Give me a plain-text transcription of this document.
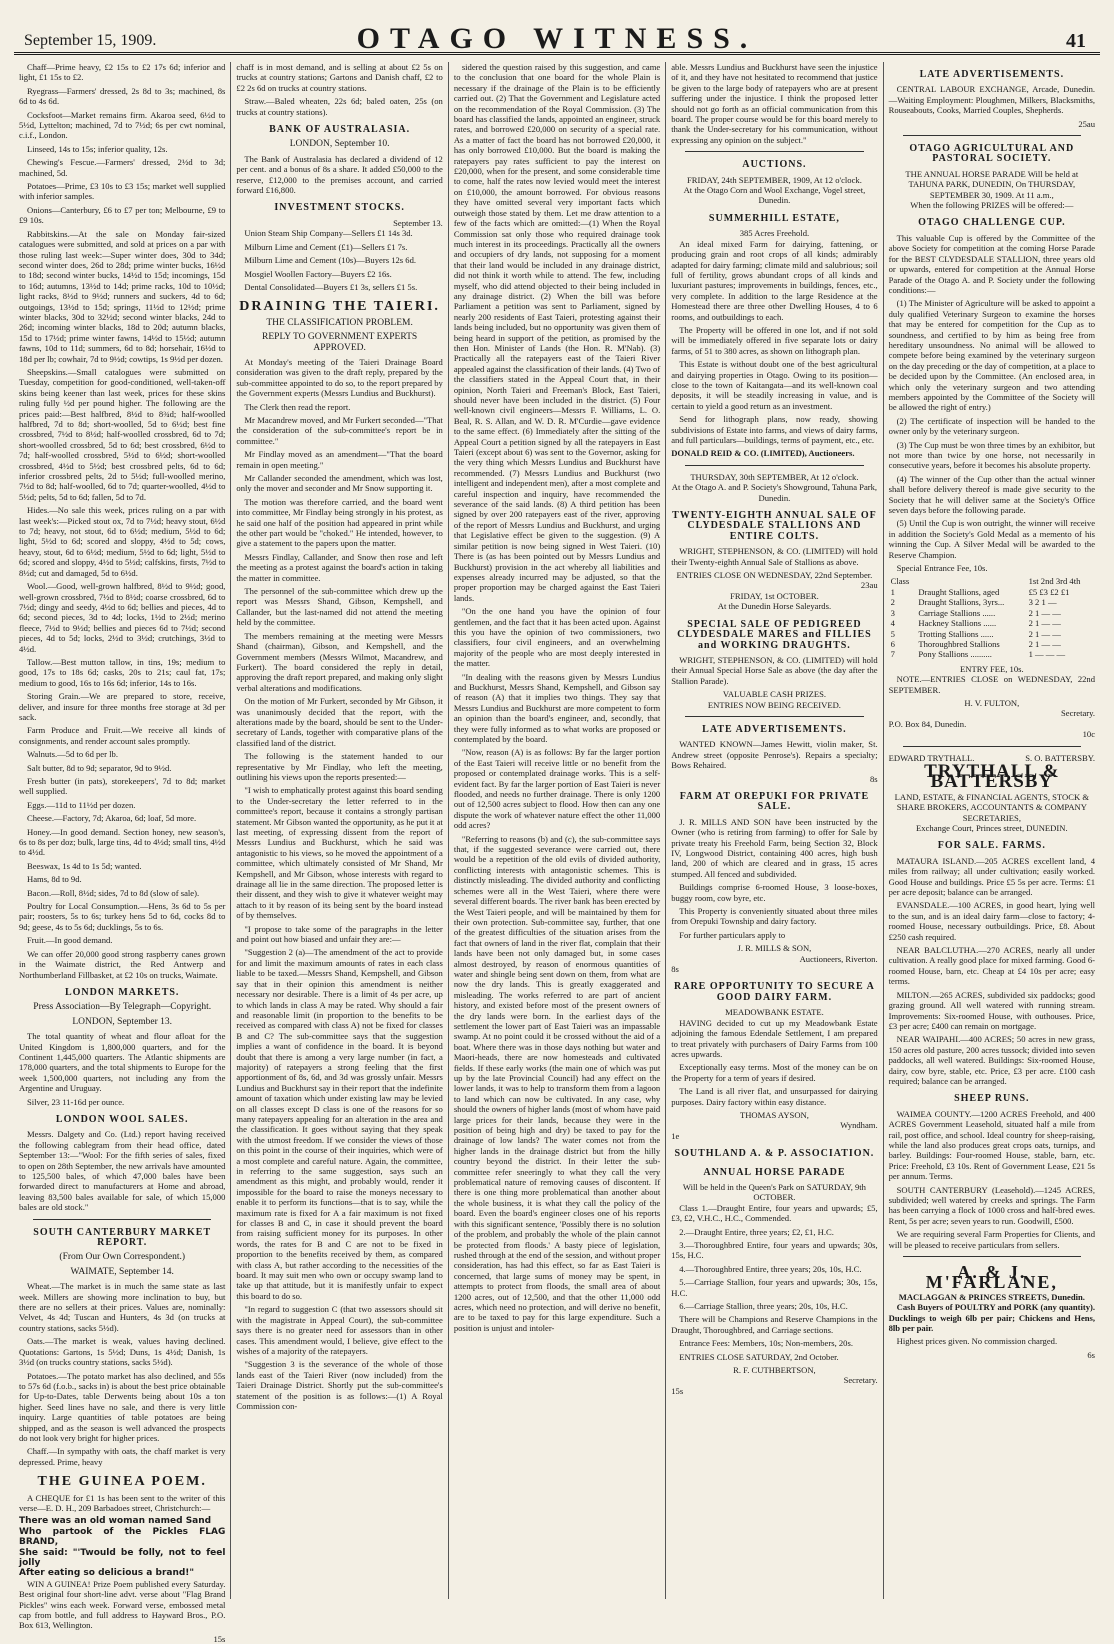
September 15, 1909.	OTAGO WITNESS.	41

Chaff—Prime heavy, £2 15s to £2 17s 6d; inferior and light, £1 15s to £2.

Ryegrass—Farmers' dressed, 2s 8d to 3s; machined, 8s 6d to 4s 6d.

Cocksfoot—Market remains firm. Akaroa seed, 6½d to 5½d, Lyttelton; machined, 7d to 7½d; 6s per cwt nominal, c.i.f., London.

Linseed, 14s to 15s; inferior quality, 12s.

Chewing's Fescue.—Farmers' dressed, 2½d to 3d; machined, 5d.

Potatoes—Prime, £3 10s to £3 15s; market well supplied with inferior samples.

Onions—Canterbury, £6 to £7 per ton; Melbourne, £9 to £9 10s.

Rabbitskins.—At the sale on Monday fair-sized catalogues were submitted, and sold at prices on a par with those ruling last week:—Super winter does, 30d to 34d; second winter does, 26d to 28d; prime winter bucks, 16½d to 18d; second winter bucks, 14½d to 15d; incomings, 15d to 16d; autumns, 13½d to 14d; prime racks, 10d to 10½d; light racks, 8½d to 9½d; runners and suckers, 4d to 6d; outgoings, 13½d to 15d; springs, 11½d to 12½d; prime winter blacks, 30d to 32½d; second winter blacks, 24d to 26d; incoming winter blacks, 18d to 20d; autumn blacks, 15d to 17½d; prime winter fawns, 14½d to 15½d; autumn fawns, 10d to 11d; summers, 6d to 8d; horsehair, 16½d to 18d per lb; cowhair, 7d to 9½d; cowtips, 1s 9½d per dozen.

Sheepskins.—Small catalogues were submitted on Tuesday, competition for good-conditioned, well-taken-off skins being keener than last week, prices for these skins ruling fully ½d per pound higher. The following are the prices paid:—Best halfbred, 8½d to 8¾d; half-woolled halfbred, 7d to 8d; short-woolled, 5d to 6½d; best fine crossbred, 7½d to 8½d; half-woolled crossbred, 6d to 7d; short-woolled crossbred, 5d to 6d; best crossbred, 6½d to 7d; half-woolled crossbred, 5½d to 6½d; short-woolled crossbred, 4½d to 5½d; best crossbred pelts, 6d to 6d; inferior crossbred pelts, 2d to 5½d; full-woolled merino, 7½d to 8d; half-woolled, 6d to 7d; quarter-woolled, 4½d to 5½d; pelts, 5d to 6d; fallen, 5d to 7d.

Hides.—No sale this week, prices ruling on a par with last week's:—Picked stout ox, 7d to 7½d; heavy stout, 6½d to 7d; heavy, not stout, 6d to 6½d; medium, 5½d to 6d; light, 5½d to 6d; scored and sloppy, 4½d to 5d; cows, heavy, stout, 6d to 6½d; medium, 5½d to 6d; light, 5½d to 6d; scored and sloppy, 4½d to 5½d; calfskins, firsts, 7½d to 8½d; cut and damaged, 5d to 6½d.

Wool.—Good, well-grown halfbred, 8½d to 9½d; good, well-grown crossbred, 7½d to 8½d; coarse crossbred, 6d to 7½d; dingy and seedy, 4½d to 6d; bellies and pieces, 4d to 6d; second pieces, 3d to 4d; locks, 1½d to 2½d; merino fleece, 7½d to 9½d; bellies and pieces 6d to 7½d; second pieces, 4d to 5d; locks, 2½d to 3½d; crutchings, 3½d to 4½d.

Tallow.—Best mutton tallow, in tins, 19s; medium to good, 17s to 18s 6d; casks, 20s to 21s; caul fat, 17s; medium to good, 16s to 16s 6d; inferior, 14s to 16s.

Storing Grain.—We are prepared to store, receive, deliver, and insure for three months free storage at 3d per sack.

Farm Produce and Fruit.—We receive all kinds of consignments, and render account sales promptly.

Walnuts.—5d to 6d per lb.

Salt butter, 8d to 9d; separator, 9d to 9½d.

Fresh butter (in pats), storekeepers', 7d to 8d; market well supplied.

Eggs.—11d to 11½d per dozen.

Cheese.—Factory, 7d; Akaroa, 6d; loaf, 5d more.

Honey.—In good demand. Section honey, new season's, 6s to 8s per doz; bulk, large tins, 4d to 4½d; small tins, 4½d to 4½d.

Beeswax, 1s 4d to 1s 5d; wanted.

Hams, 8d to 9d.

Bacon.—Roll, 8½d; sides, 7d to 8d (slow of sale).

Poultry for Local Consumption.—Hens, 3s 6d to 5s per pair; roosters, 5s to 6s; turkey hens 5d to 6d, cocks 8d to 9d; geese, 4s to 5s 6d; ducklings, 5s to 6s.

Fruit.—In good demand.

We can offer 20,000 good strong raspberry canes grown in the Waimate district, the Red Antwerp and Northumberland Fillbasket, at £2 10s on trucks, Waimate.

LONDON MARKETS.
Press Association—By Telegraph—Copyright.
LONDON, September 13.

The total quantity of wheat and flour afloat for the United Kingdom is 1,800,000 quarters, and for the Continent 1,445,000 quarters. The Atlantic shipments are 178,000 quarters, and the total shipments to Europe for the week 1,500,000 quarters, not including any from the Argentine and Uruguay.

Silver, 23 11-16d per ounce.

LONDON WOOL SALES.

Messrs. Dalgety and Co. (Ltd.) report having received the following cablegram from their head office, dated September 13:—"Wool: For the fifth series of sales, fixed to open on 28th September, the new arrivals have amounted to 125,500 bales, of which 47,000 bales have been forwarded direct to manufacturers at Home and abroad, leaving 83,500 bales available for sale, of which 15,000 bales are old stock."

SOUTH CANTERBURY MARKET REPORT.
(From Our Own Correspondent.)
WAIMATE, September 14.

Wheat.—The market is in much the same state as last week. Millers are showing more inclination to buy, but there are no sellers at their prices. Values are, nominally: Velvet, 4s 4d; Tuscan and Hunters, 4s 3d (on trucks at country stations, sacks 5½d).

Oats.—The market is weak, values having declined. Quotations: Gartons, 1s 5½d; Duns, 1s 4½d; Danish, 1s 3½d (on trucks country stations, sacks 5½d).

Potatoes.—The potato market has also declined, and 55s to 57s 6d (f.o.b., sacks in) is about the best price obtainable for Up-to-Dates, table Derwents being about 10s a ton higher. Seed lines have no sale, and there is very little inquiry. Large quantities of table potatoes are being shipped, and as the season is well advanced the prospects do not look very bright for higher prices.

Chaff.—In sympathy with oats, the chaff market is very depressed. Prime, heavy

THE GUINEA POEM.

A CHEQUE for £1 1s has been sent to the writer of this verse—E. D. H., 209 Barbadoes street, Christchurch:—

There was an old woman named Sand
Who partook of the Pickles FLAG BRAND,
She said: "'Twould be folly, not to feel jolly
After eating so delicious a brand!"

WIN A GUINEA! Prize Poem published every Saturday. Best original four short-line advt. verse about "Flag Brand Pickles" wins each week. Forward verse, embossed metal cap from bottle, and full address to Hayward Bros., P.O. Box 613, Wellington.

15s

chaff is in most demand, and is selling at about £2 5s on trucks at country stations; Gartons and Danish chaff, £2 to £2 2s 6d on trucks at country stations.

Straw.—Baled wheaten, 22s 6d; baled oaten, 25s (on trucks at country stations).

BANK OF AUSTRALASIA.
LONDON, September 10.

The Bank of Australasia has declared a dividend of 12 per cent. and a bonus of 8s a share. It added £50,000 to the reserve, £12,000 to the premises account, and carried forward £16,800.

INVESTMENT STOCKS.
September 13.

Union Steam Ship Company—Sellers £1 14s 3d.

Milburn Lime and Cement (£1)—Sellers £1 7s.

Milburn Lime and Cement (10s)—Buyers 12s 6d.

Mosgiel Woollen Factory—Buyers £2 16s.

Dental Consolidated—Buyers £1 3s, sellers £1 5s.

DRAINING THE TAIERI.
THE CLASSIFICATION PROBLEM.
REPLY TO GOVERNMENT EXPERTS APPROVED.

At Monday's meeting of the Taieri Drainage Board consideration was given to the draft reply, prepared by the sub-committee appointed to do so, to the report prepared by the Government experts (Messrs Lundius and Buckhurst).

The Clerk then read the report.

Mr Macandrew moved, and Mr Furkert seconded—"That the consideration of the sub-committee's report be in committee."

Mr Findlay moved as an amendment—"That the board remain in open meeting."

Mr Callander seconded the amendment, which was lost, only the mover and seconder and Mr Snow supporting it.

The motion was therefore carried, and the board went into committee, Mr Findlay being strongly in his protest, as he said one half of the position had appeared in print while the other part would be "choked." He intended, however, to give a statement to the papers upon the matter.

Messrs Findlay, Callander, and Snow then rose and left the meeting as a protest against the board's action in taking the matter in committee.

The personnel of the sub-committee which drew up the report was Messrs Shand, Gibson, Kempshell, and Callander, but the last-named did not attend the meeting held by the committee.

The members remaining at the meeting were Messrs Shand (chairman), Gibson, and Kempshell, and the Government members (Messrs Wilmot, Macandrew, and Furkert). The board considered the reply in detail, approving the draft report prepared, and making only slight verbal alterations and modifications.

On the motion of Mr Furkert, seconded by Mr Gibson, it was unanimously decided that the report, with the alterations made by the board, should be sent to the Under-secretary of Lands, together with comparative plans of the classified land of the district.

The following is the statement handed to our representative by Mr Findlay, who left the meeting, outlining his views upon the reports presented:—

"I wish to emphatically protest against this board sending to the Under-secretary the letter referred to in the committee's report, because it contains a strongly partisan statement. Mr Gibson wanted the opportunity, as he put it at last meeting, of expressing dissent from the report of Messrs Lundius and Buckhurst, which he said was antagonistic to his views, so he moved the appointment of a committee, which ultimately consisted of Mr Shand, Mr Kempshell, and Mr Gibson, whose interests with regard to drainage all lie in the same direction. The proposed letter is their dissent, and they wish to give it whatever weight may attach to it by reason of its being sent by the board instead of by themselves.

"I propose to take some of the paragraphs in the letter and point out how biased and unfair they are:—

"Suggestion 2 (a)—The amendment of the act to provide for and limit the maximum amounts of rates in each class liable to be taxed.—Messrs Shand, Kempshell, and Gibson say that in their opinion this amendment is neither necessary nor desirable. There is a limit of 4s per acre, up to which lands in class A may be rated. Why should a fair and reasonable limit (in proportion to the benefits to be received as compared with class A) not be fixed for classes B and C? The sub-committee says that the suggestion implies a want of confidence in the board. It is beyond doubt that there is among a very large number (in fact, a majority) of ratepayers a strong feeling that the first apportionment of 8s, 6d, and 3d was grossly unfair. Messrs Lundius and Buckhurst say in their report that the indefinite amount of taxation which under existing law may be levied on all classes except D class is one of the reasons for so many ratepayers appealing for an alteration in the area and the classification. It goes without saying that they speak with the utmost freedom. If we consider the views of those on this point in the course of their inquiries, which were of a most complete and careful nature. Again, the committee, in referring to the same suggestion, says such an amendment as this might, and probably would, render it impossible for the board to raise the moneys necessary to enable it to perform its functions—that is to say, while the maximum rate is fixed for A a fair maximum is not fixed for classes B and C, in case it should prevent the board from raising sufficient money for its purposes. In other words, the rates for B and C are not to be fixed in proportion to the benefits received by them, as compared with class A, but rather according to the necessities of the board. It may suit men who own or occupy swamp land to take up that attitude, but it is manifestly unfair to expect this board to do so.

"In regard to suggestion C (that two assessors should sit with the magistrate in Appeal Court), the sub-committee says there is no greater need for assessors than in other cases. This amendment would, I believe, give effect to the wishes of a majority of the ratepayers.

"Suggestion 3 is the severance of the whole of those lands east of the Taieri River (now included) from the Taieri Drainage District. Shortly put the sub-committee's statement of the position is as follows:—(1) A Royal Commission con-

sidered the question raised by this suggestion, and came to the conclusion that one board for the whole Plain is necessary if the drainage of the Plain is to be efficiently carried out. (2) That the Government and Legislature acted on the recommendation of the Royal Commission. (3) The board has classified the lands, appointed an engineer, struck rates, and borrowed £20,000 on security of a special rate. As a matter of fact the board has not borrowed £20,000, it has only borrowed £10,000. But the board is making the ratepayers pay rates sufficient to pay the interest on £20,000, when for the present, and some considerable time to come, half the rates now levied would meet the interest on £10,000, the amount borrowed. For obvious reasons they have omitted several very important facts which outweigh those stated by them. Let me draw attention to a few of the facts which are omitted:—(1) When the Royal Commission sat only those who required drainage took much interest in its proceedings. Practically all the owners and occupiers of dry lands, not supposing for a moment that their land would be included in any drainage district, did not think it worth while to attend. The few, including myself, who did attend objected to their being included in any drainage district. (2) When the bill was before Parliament a petition was sent to Parliament, signed by nearly 200 residents of East Taieri, protesting against their lands being included, but no opportunity was given them of being heard in support of the petition, as promised by the then Hon. Minister of Lands (the Hon. R. M'Nab). (3) Practically all the ratepayers east of the Taieri River appealed against the classification of their lands. (4) Two of the classifiers stated in the Appeal Court that, in their opinion, North Taieri and Freeman's Block, East Taieri, should never have been included in the district. (5) Four well-known civil engineers—Messrs F. Williams, L. O. Beal, R. S. Allan, and W. D. R. M'Curdie—gave evidence to the same effect. (6) Immediately after the sitting of the Appeal Court a petition signed by all the ratepayers in East Taieri (except about 6) was sent to the Governor, asking for the very thing which Messrs Lundius and Buckhurst have recommended. (7) Messrs Lundius and Buckhurst (two intelligent and independent men), after a most complete and careful inspection and inquiry, have recommended the severance of the said lands. (8) A third petition has been signed by over 200 ratepayers east of the river, approving of the report of Messrs Lundius and Buckhurst, and urging that Legislative effect be given to the suggestion. (9) A similar petition is now being signed in West Taieri. (10) There is (as has been pointed out by Messrs Lundius and Buckhurst) provision in the act whereby all liabilities and expenses already incurred may be adjusted, so that the proper proportion may be charged against the East Taieri lands.

"On the one hand you have the opinion of four gentlemen, and the fact that it has been acted upon. Against this you have the opinion of two commissioners, two classifiers, four civil engineers, and an overwhelming majority of the people who are most deeply interested in the matter.

"In dealing with the reasons given by Messrs Lundius and Buckhurst, Messrs Shand, Kempshell, and Gibson say of reason (A) that it implies two things. They say that Messrs Lundius and Buckhurst are more competent to form an opinion than the board's engineer, and, secondly, that they were fully informed as to what works are proposed or contemplated by the board.

"Now, reason (A) is as follows: By far the larger portion of the East Taieri will receive little or no benefit from the proposed or contemplated drainage works. This is a self-evident fact. By far the larger portion of East Taieri is never flooded, and needs no further drainage. There is only 1200 out of 12,500 acres subject to flood. How then can any one dispute the work of whatever nature effect the other 11,000 odd acres?

"Referring to reasons (b) and (c), the sub-committee says that, if the suggested severance were carried out, there would be a repetition of the old evils of divided authority, conflicting interests with antagonistic schemes. This is distinctly misleading. The divided authority and conflicting schemes were all in the West Taieri, where there were several different boards. The river bank has been erected by the West Taieri people, and will be maintained by them for their own protection. Sub-committee say, further, that one of the greatest difficulties of the situation arises from the fact that owners of land in the river flat, complain that their lands have been not only damaged but, in some cases almost destroyed, by reason of enormous quantities of water and shingle being sent down on them, from what are now the dry lands. This is greatly exaggerated and misleading. The works referred to are part of ancient history, and existed before most of the present owners of the dry lands were born. In the earliest days of the settlement the lower part of East Taieri was an impassable swamp. At no point could it be crossed without the aid of a boat. Where there was in those days nothing but water and Maori-heads, there are now homesteads and cultivated fields. If these early works (the main one of which was put up by the late Provincial Council) had any effect on the lower lands, it was to help to transform them from a lagoon to land which can now be cultivated. In any case, why should the owners of higher lands (most of whom have paid large prices for their lands, because they were in the position of being high and dry) be taxed to pay for the drainage of low lands? The water comes not from the higher lands in the drainage district but from the hilly country beyond the district. In their letter the sub-committee refer sneeringly to what they call the very problematical nature of removing causes of discontent. If there is one thing more problematical than another about the whole business, it is what they call the policy of the board. Even the board's engineer closes one of his reports with this significant sentence, 'Possibly there is no solution of the problem, and probably the whole of the plain cannot be protected from floods.' A basty piece of legislation, rushed through at the end of the session, and without proper consideration, has had this effect, so far as East Taieri is concerned, that large sums of money may be spent, in attempts to protect from floods, the small area of about 1200 acres, out of 12,500, and that the other 11,000 odd acres, which need no protection, and will derive no benefit, are to be taxed to pay for this large expenditure. Such a position is unjust and intoler-

able. Messrs Lundius and Buckhurst have seen the injustice of it, and they have not hesitated to recommend that justice be given to the large body of ratepayers who are at present suffering under the injustice. I think the proposed letter should not go forth as an official communication from this board. The proper course would be for this board merely to thank the Under-secretary for his communication, without expressing any opinion on the subject."

AUCTIONS.
FRIDAY, 24th SEPTEMBER, 1909, At 12 o'clock.
At the Otago Corn and Wool Exchange, Vogel street, Dunedin.
SUMMERHILL ESTATE,
385 Acres Freehold.

An ideal mixed Farm for dairying, fattening, or producing grain and root crops of all kinds; admirably adapted for dairy farming; climate mild and salubrious; soil full of fertility, grows abundant crops of all kinds and luxuriant pastures; improvements in buildings, fences, etc., very complete. In addition to the large Residence at the Homestead there are three other Dwelling Houses, 4 to 6 rooms, and outbuildings to each.

The Property will be offered in one lot, and if not sold will be immediately offered in five separate lots or dairy farms, of 51 to 380 acres, as shown on lithograph plan.

This Estate is without doubt one of the best agricultural and dairying properties in Otago. Owing to its position—close to the town of Kaitangata—and its well-known coal deposits, it will be steadily increasing in value, and is certain to yield a good return as an investment.

Send for lithograph plans, now ready, showing subdivisions of Estate into farms, and views of dairy farms, and full particulars—buildings, terms of payment, etc., etc.

DONALD REID & CO. (LIMITED), Auctioneers.
THURSDAY, 30th SEPTEMBER, At 12 o'clock.
At the Otago A. and P. Society's Showground, Tahuna Park, Dunedin.
TWENTY-EIGHTH ANNUAL SALE OF CLYDESDALE STALLIONS AND ENTIRE COLTS.

WRIGHT, STEPHENSON, & CO. (LIMITED) will hold their Twenty-eighth Annual Sale of Stallions as above.

ENTRIES CLOSE ON WEDNESDAY, 22nd September.
23au
FRIDAY, 1st OCTOBER.
At the Dunedin Horse Saleyards.
SPECIAL SALE OF PEDIGREED CLYDESDALE MARES and FILLIES and WORKING DRAUGHTS.

WRIGHT, STEPHENSON, & CO. (LIMITED) will hold their Annual Special Horse Sale as above (the day after the Stallion Parade).

VALUABLE CASH PRIZES.
ENTRIES NOW BEING RECEIVED.
LATE ADVERTISEMENTS.

WANTED KNOWN—James Hewitt, violin maker, St. Andrew street (opposite Penrose's). Repairs a specialty; Bows Rehaired.

8s
FARM AT OREPUKI FOR PRIVATE SALE.

J. R. MILLS AND SON have been instructed by the Owner (who is retiring from farming) to offer for Sale by private treaty his Freehold Farm, being Section 32, Block IV, Longwood District, containing 400 acres, high bush land, 200 of which are cleared and in grass, 15 acres stumped. All fenced and subdivided.

Buildings comprise 6-roomed House, 3 loose-boxes, buggy room, cow byre, etc.

This Property is conveniently situated about three miles from Orepuki Township and dairy factory.

For further particulars apply to

J. R. MILLS & SON,
Auctioneers, Riverton.
8s
RARE OPPORTUNITY TO SECURE A GOOD DAIRY FARM.
MEADOWBANK ESTATE.

HAVING decided to cut up my Meadowbank Estate adjoining the famous Edendale Settlement, I am prepared to treat privately with purchasers of Dairy Farms from 100 acres upwards.

Exceptionally easy terms. Most of the money can be on the Property for a term of years if desired.

The Land is all river flat, and unsurpassed for dairying purposes. Dairy factory within easy distance.

THOMAS AYSON,
Wyndham.
1e
SOUTHLAND A. & P. ASSOCIATION.
ANNUAL HORSE PARADE
Will be held in the Queen's Park on SATURDAY, 9th OCTOBER.

Class 1.—Draught Entire, four years and upwards; £5, £3, £2, V.H.C., H.C., Commended.

2.—Draught Entire, three years; £2, £1, H.C.

3.—Thoroughbred Entire, four years and upwards; 30s, 15s, H.C.

4.—Thoroughbred Entire, three years; 20s, 10s, H.C.

5.—Carriage Stallion, four years and upwards; 30s, 15s, H.C.

6.—Carriage Stallion, three years; 20s, 10s, H.C.

There will be Champions and Reserve Champions in the Draught, Thoroughbred, and Carriage sections.

Entrance Fees: Members, 10s; Non-members, 20s.

ENTRIES CLOSE SATURDAY, 2nd October.

R. F. CUTHBERTSON,
Secretary.
15s
LATE ADVERTISEMENTS.

CENTRAL LABOUR EXCHANGE, Arcade, Dunedin.—Waiting Employment: Ploughmen, Milkers, Blacksmiths, Rouseabouts, Cooks, Married Couples, Shepherds.

25au
OTAGO AGRICULTURAL AND PASTORAL SOCIETY.
THE ANNUAL HORSE PARADE Will be held at TAHUNA PARK, DUNEDIN, On THURSDAY, SEPTEMBER 30, 1909. At 11 a.m.,
When the following PRIZES will be offered:—
OTAGO CHALLENGE CUP.

This valuable Cup is offered by the Committee of the above Society for competition at the coming Horse Parade for the BEST CLYDESDALE STALLION, three years old or upwards, entered for competition at the Annual Horse Parade of the Otago A. and P. Society under the following conditions:—

(1) The Minister of Agriculture will be asked to appoint a duly qualified Veterinary Surgeon to examine the horses that may be entered for competition for the Cup as to soundness, and certified to by him as being free from hereditary unsoundness. No animal will be allowed to compete before being examined by the veterinary surgeon on the day preceding or the day of competition, at a place to be decided upon by the Committee. (An enclosed area, in which only the veterinary surgeon and two attending members appointed by the Committee of the Society will be allowed the right of entry.)

(2) The certificate of inspection will be handed to the owner only by the veterinary surgeon.

(3) The Cup must be won three times by an exhibitor, but not more than twice by one horse, not necessarily in consecutive years, before it becomes his absolute property.

(4) The winner of the Cup other than the actual winner shall before delivery thereof is made give security to the Society that he will deliver same at the Society's Office seven days before the following parade.

(5) Until the Cup is won outright, the winner will receive in addition the Society's Gold Medal as a memento of his winning the Cup. A Silver Medal will be awarded to the Reserve Champion.

Special Entrance Fee, 10s.

Class		1st 2nd 3rd 4th
1	Draught Stallions, aged	£5 £3 £2 £1
2	Draught Stallions, 3yrs...	3 2 1 —
3	Carriage Stallions ......	2 1 — —
4	Hackney Stallions ......	2 1 — —
5	Trotting Stallions ......	2 1 — —
6	Thoroughbred Stallions	2 1 — —
7	Pony Stallions ..........	1 — — —
ENTRY FEE, 10s.

NOTE.—ENTRIES CLOSE on WEDNESDAY, 22nd SEPTEMBER.

H. V. FULTON,
Secretary.
P.O. Box 84, Dunedin.
10c
EDWARD TRYTHALL.	S. O. BATTERSBY.
TRYTHALL & BATTERSBY
LAND, ESTATE, & FINANCIAL AGENTS, STOCK & SHARE BROKERS, ACCOUNTANTS & COMPANY SECRETARIES,
Exchange Court, Princes street, DUNEDIN.
FOR SALE. FARMS.

MATAURA ISLAND.—205 ACRES excellent land, 4 miles from railway; all under cultivation; easily worked. Good House and buildings. Price £5 5s per acre. Terms: £1 per acre deposit; balance can be arranged.

EVANSDALE.—100 ACRES, in good heart, lying well to the sun, and is an ideal dairy farm—close to factory; 4-roomed House, necessary outbuildings. Price, £8. About £250 cash required.

NEAR BALCLUTHA.—270 ACRES, nearly all under cultivation. A really good place for mixed farming. Good 6-roomed House, barn, etc. Cheap at £4 10s per acre; easy terms.

MILTON.—265 ACRES, subdivided six paddocks; good grazing ground. All well watered with running stream. Improvements: Six-roomed House, with outhouses. Price, £3 per acre; £400 can remain on mortgage.

NEAR WAIPAHI.—400 ACRES; 50 acres in new grass, 150 acres old pasture, 200 acres tussock; divided into seven paddocks, all well watered. Buildings: Six-roomed House, dairy, cow byre, stable, etc. Price, £3 per acre. £100 cash required; balance can be arranged.

SHEEP RUNS.

WAIMEA COUNTY.—1200 ACRES Freehold, and 400 ACRES Government Leasehold, situated half a mile from rail, post office, and school. Ideal country for sheep-raising, while the land also produces great crops oats, turnips, and barley. Buildings: Four-roomed House, stable, barn, etc. Price: Freehold, £3 10s. Rent of Government Lease, £21 5s per annum. Terms.

SOUTH CANTERBURY (Leasehold).—1245 ACRES, subdivided; well watered by creeks and springs. The Farm has been carrying a flock of 1000 cross and half-bred ewes. Rent, 5s per acre; seven years to run. Goodwill, £500.

We are requiring several Farm Properties for Clients, and will be pleased to receive particulars from sellers.

A. & J. M'FARLANE,
MACLAGGAN & PRINCES STREETS, Dunedin.

Cash Buyers of POULTRY and PORK (any quantity). Ducklings to weigh 6lb per pair; Chickens and Hens, 8lb per pair.

Highest prices given. No commission charged.

6s
